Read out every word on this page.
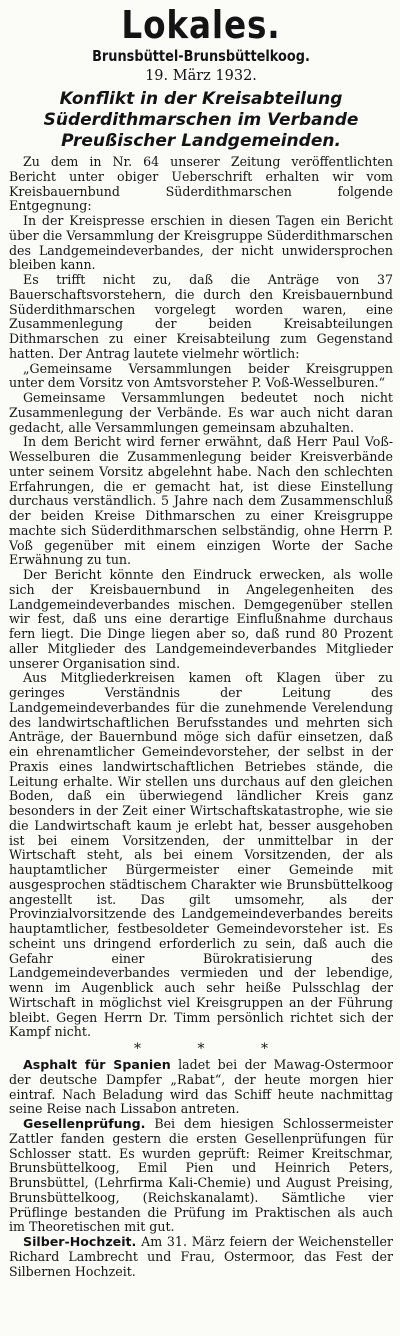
Lokales.
Brunsbüttel-Brunsbüttelkoog.
19. März 1932.
Konflikt in der Kreisabteilung Süderdithmarschen im Verbande Preußischer Landgemeinden.

Zu dem in Nr. 64 unserer Zeitung veröffentlichten Bericht unter obiger Ueberschrift erhalten wir vom Kreisbauernbund Süderdithmarschen folgende Entgegnung:

In der Kreispresse erschien in diesen Tagen ein Bericht über die Versammlung der Kreisgruppe Süderdithmarschen des Landgemeindeverbandes, der nicht unwidersprochen bleiben kann.

Es trifft nicht zu, daß die Anträge von 37 Bauerschaftsvorstehern, die durch den Kreisbauernbund Süderdithmarschen vorgelegt worden waren, eine Zusammenlegung der beiden Kreisabteilungen Dithmarschen zu einer Kreisabteilung zum Gegenstand hatten. Der Antrag lautete vielmehr wörtlich:

„Gemeinsame Versammlungen beider Kreisgruppen unter dem Vorsitz von Amtsvorsteher P. Voß-Wesselburen.“

Gemeinsame Versammlungen bedeutet noch nicht Zusammenlegung der Verbände. Es war auch nicht daran gedacht, alle Versammlungen gemeinsam abzuhalten.

In dem Bericht wird ferner erwähnt, daß Herr Paul Voß-Wesselburen die Zusammenlegung beider Kreisverbände unter seinem Vorsitz abgelehnt habe. Nach den schlechten Erfahrungen, die er gemacht hat, ist diese Einstellung durchaus verständlich. 5 Jahre nach dem Zusammenschluß der beiden Kreise Dithmarschen zu einer Kreisgruppe machte sich Süderdithmarschen selbständig, ohne Herrn P. Voß gegenüber mit einem einzigen Worte der Sache Erwähnung zu tun.

Der Bericht könnte den Eindruck erwecken, als wolle sich der Kreisbauernbund in Angelegenheiten des Landgemeindeverbandes mischen. Demgegenüber stellen wir fest, daß uns eine derartige Einflußnahme durchaus fern liegt. Die Dinge liegen aber so, daß rund 80 Prozent aller Mitglieder des Landgemeindeverbandes Mitglieder unserer Organisation sind.

Aus Mitgliederkreisen kamen oft Klagen über zu geringes Verständnis der Leitung des Landgemeindeverbandes für die zunehmende Verelendung des landwirtschaftlichen Berufsstandes und mehrten sich Anträge, der Bauernbund möge sich dafür einsetzen, daß ein ehrenamtlicher Gemeindevorsteher, der selbst in der Praxis eines landwirtschaftlichen Betriebes stände, die Leitung erhalte. Wir stellen uns durchaus auf den gleichen Boden, daß ein überwiegend ländlicher Kreis ganz besonders in der Zeit einer Wirtschaftskatastrophe, wie sie die Landwirtschaft kaum je erlebt hat, besser ausgehoben ist bei einem Vorsitzenden, der unmittelbar in der Wirtschaft steht, als bei einem Vorsitzenden, der als hauptamtlicher Bürgermeister einer Gemeinde mit ausgesprochen städtischem Charakter wie Brunsbüttelkoog angestellt ist. Das gilt umsomehr, als der Provinzialvorsitzende des Landgemeindeverbandes bereits hauptamtlicher, festbesoldeter Gemeindevorsteher ist. Es scheint uns dringend erforderlich zu sein, daß auch die Gefahr einer Bürokratisierung des Landgemeindeverbandes vermieden und der lebendige, wenn im Augenblick auch sehr heiße Pulsschlag der Wirtschaft in möglichst viel Kreisgruppen an der Führung bleibt. Gegen Herrn Dr. Timm persönlich richtet sich der Kampf nicht.

* * *

Asphalt für Spanien ladet bei der Mawag-Ostermoor der deutsche Dampfer „Rabat“, der heute morgen hier eintraf. Nach Beladung wird das Schiff heute nachmittag seine Reise nach Lissabon antreten.

Gesellenprüfung. Bei dem hiesigen Schlossermeister Zattler fanden gestern die ersten Gesellenprüfungen für Schlosser statt. Es wurden geprüft: Reimer Kreitschmar, Brunsbüttelkoog, Emil Pien und Heinrich Peters, Brunsbüttel, (Lehrfirma Kali-Chemie) und August Preising, Brunsbüttelkoog, (Reichskanalamt). Sämtliche vier Prüflinge bestanden die Prüfung im Praktischen als auch im Theoretischen mit gut.

Silber-Hochzeit. Am 31. März feiern der Weichensteller Richard Lambrecht und Frau, Ostermoor, das Fest der Silbernen Hochzeit.
